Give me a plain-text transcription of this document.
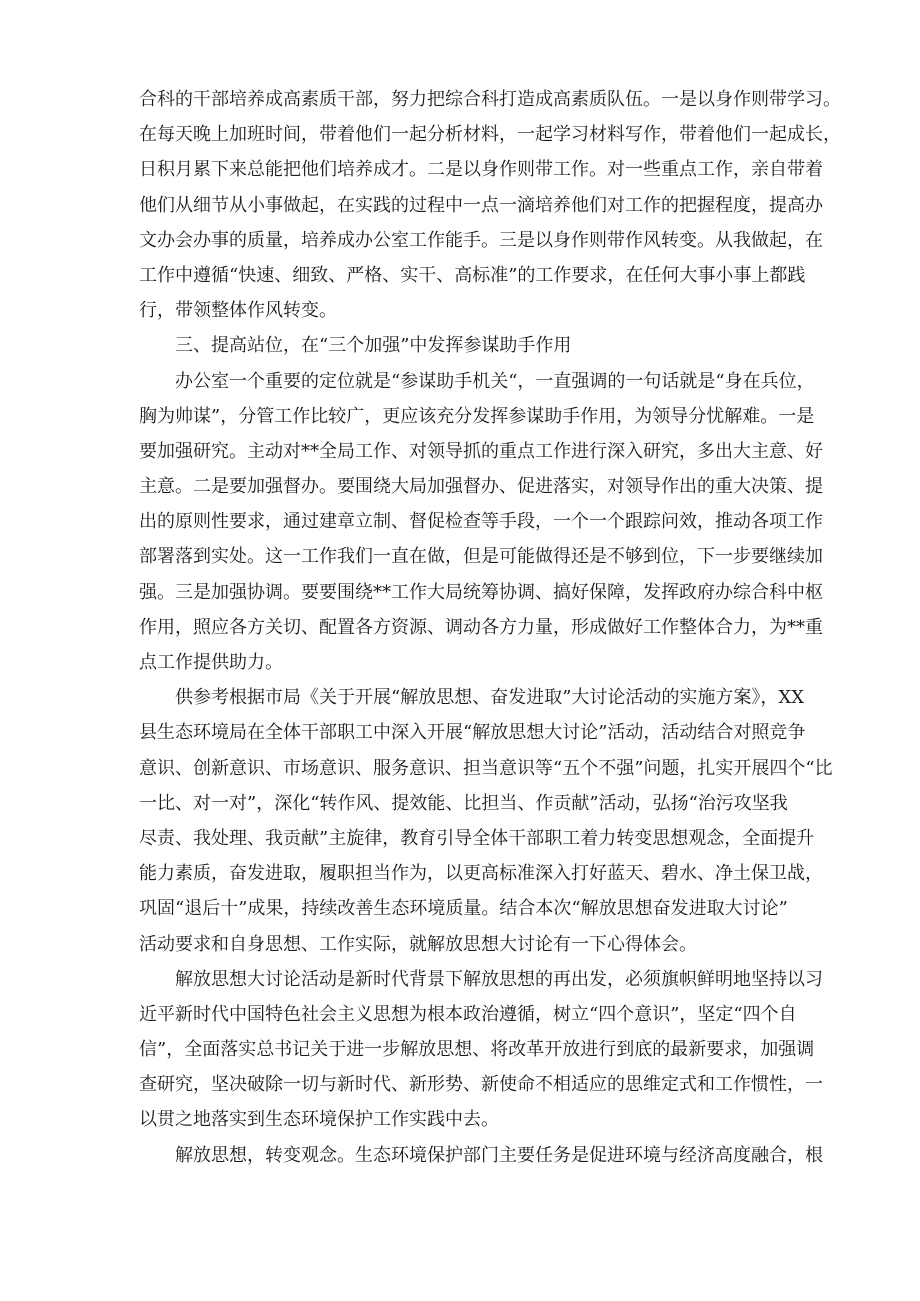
合科的干部培养成高素质干部，努力把综合科打造成高素质队伍。一是以身作则带学习。
在每天晚上加班时间，带着他们一起分析材料，一起学习材料写作，带着他们一起成长，
日积月累下来总能把他们培养成才。二是以身作则带工作。对一些重点工作，亲自带着
他们从细节从小事做起，在实践的过程中一点一滴培养他们对工作的把握程度，提高办
文办会办事的质量，培养成办公室工作能手。三是以身作则带作风转变。从我做起，在
工作中遵循“快速、细致、严格、实干、高标准”的工作要求，在任何大事小事上都践
行，带领整体作风转变。
三、提高站位，在“三个加强”中发挥参谋助手作用
办公室一个重要的定位就是“参谋助手机关“，一直强调的一句话就是“身在兵位，
胸为帅谋”，分管工作比较广，更应该充分发挥参谋助手作用，为领导分忧解难。一是
要加强研究。主动对**全局工作、对领导抓的重点工作进行深入研究，多出大主意、好
主意。二是要加强督办。要围绕大局加强督办、促进落实，对领导作出的重大决策、提
出的原则性要求，通过建章立制、督促检查等手段，一个一个跟踪问效，推动各项工作
部署落到实处。这一工作我们一直在做，但是可能做得还是不够到位，下一步要继续加
强。三是加强协调。要要围绕**工作大局统筹协调、搞好保障，发挥政府办综合科中枢
作用，照应各方关切、配置各方资源、调动各方力量，形成做好工作整体合力，为**重
点工作提供助力。
供参考根据市局《关于开展“解放思想、奋发进取”大讨论活动的实施方案》，XX
县生态环境局在全体干部职工中深入开展“解放思想大讨论”活动，活动结合对照竞争
意识、创新意识、市场意识、服务意识、担当意识等“五个不强”问题，扎实开展四个“比
一比、对一对”，深化“转作风、提效能、比担当、作贡献”活动，弘扬“治污攻坚我
尽责、我处理、我贡献”主旋律，教育引导全体干部职工着力转变思想观念，全面提升
能力素质，奋发进取，履职担当作为，以更高标准深入打好蓝天、碧水、净土保卫战，
巩固“退后十”成果，持续改善生态环境质量。结合本次“解放思想奋发进取大讨论”
活动要求和自身思想、工作实际，就解放思想大讨论有一下心得体会。
解放思想大讨论活动是新时代背景下解放思想的再出发，必须旗帜鲜明地坚持以习
近平新时代中国特色社会主义思想为根本政治遵循，树立“四个意识”，坚定“四个自
信”，全面落实总书记关于进一步解放思想、将改革开放进行到底的最新要求，加强调
查研究，坚决破除一切与新时代、新形势、新使命不相适应的思维定式和工作惯性，一
以贯之地落实到生态环境保护工作实践中去。
解放思想，转变观念。生态环境保护部门主要任务是促进环境与经济高度融合，根
